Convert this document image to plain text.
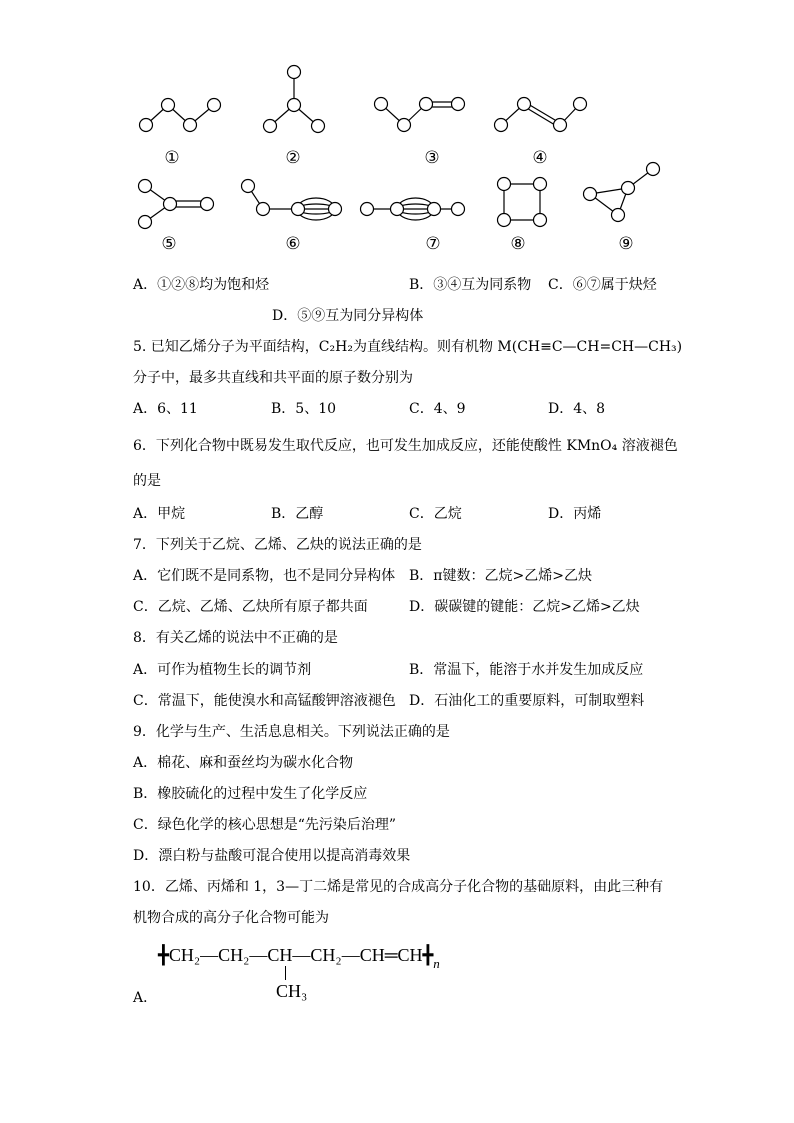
①	②	③	④
⑤	⑥	⑦	⑧	⑨
A．①②⑧均为饱和烃	B．③④互为同系物 C．⑥⑦属于炔烃
D．⑤⑨互为同分异构体
5. 已知乙烯分子为平面结构，C₂H₂为直线结构。则有机物 M(CH≡C—CH=CH—CH₃)
分子中，最多共直线和共平面的原子数分别为
A．6、11	B．5、10	C．4、9	D．4、8
6．下列化合物中既易发生取代反应，也可发生加成反应，还能使酸性 KMnO₄ 溶液褪色
的是
A．甲烷	B．乙醇	C．乙烷	D．丙烯
7．下列关于乙烷、乙烯、乙炔的说法正确的是
A．它们既不是同系物，也不是同分异构体 B．π键数：乙烷>乙烯>乙炔
C．乙烷、乙烯、乙炔所有原子都共面	D．碳碳键的键能：乙烷>乙烯>乙炔
8．有关乙烯的说法中不正确的是
A．可作为植物生长的调节剂	B．常温下，能溶于水并发生加成反应
C．常温下，能使溴水和高锰酸钾溶液褪色 D．石油化工的重要原料，可制取塑料
9．化学与生产、生活息息相关。下列说法正确的是
A．棉花、麻和蚕丝均为碳水化合物
B．橡胶硫化的过程中发生了化学反应
C．绿色化学的核心思想是“先污染后治理”
D．漂白粉与盐酸可混合使用以提高消毒效果
10．乙烯、丙烯和 1，3—丁二烯是常见的合成高分子化合物的基础原料，由此三种有
机物合成的高分子化合物可能为
$╋CH_2—CH_2—CH—CH_2—CH═CH╋_n$
CH₃
A．
